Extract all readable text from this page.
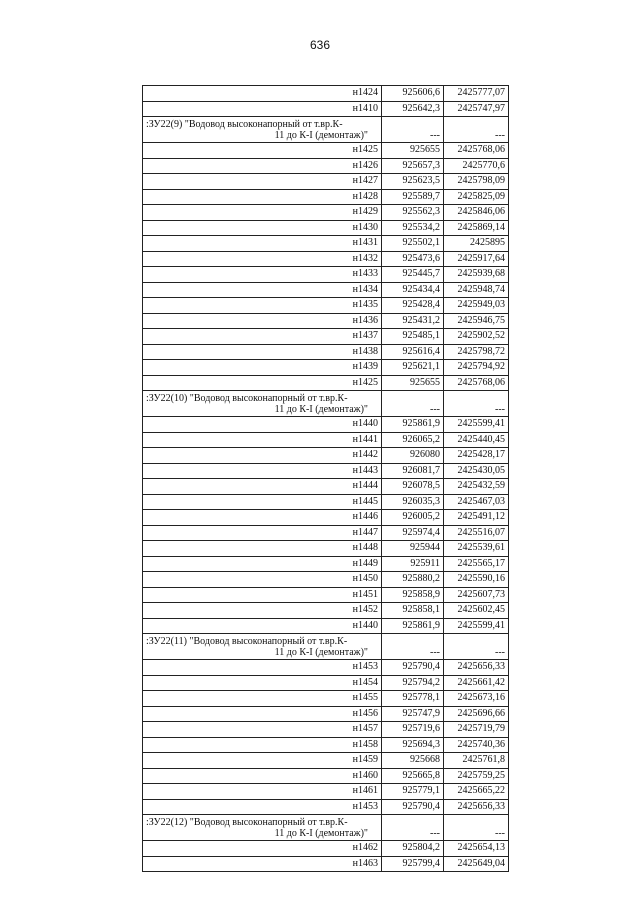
636
н1424	925606,6	2425777,07
н1410	925642,3	2425747,97
:ЗУ22(9) "Водовод высоконапорный от т.вр.К-

11 до К-I (демонтаж)"	---	---
н1425	925655	2425768,06
н1426	925657,3	2425770,6
н1427	925623,5	2425798,09
н1428	925589,7	2425825,09
н1429	925562,3	2425846,06
н1430	925534,2	2425869,14
н1431	925502,1	2425895
н1432	925473,6	2425917,64
н1433	925445,7	2425939,68
н1434	925434,4	2425948,74
н1435	925428,4	2425949,03
н1436	925431,2	2425946,75
н1437	925485,1	2425902,52
н1438	925616,4	2425798,72
н1439	925621,1	2425794,92
н1425	925655	2425768,06
:ЗУ22(10) "Водовод высоконапорный от т.вр.К-

11 до К-I (демонтаж)"	---	---
н1440	925861,9	2425599,41
н1441	926065,2	2425440,45
н1442	926080	2425428,17
н1443	926081,7	2425430,05
н1444	926078,5	2425432,59
н1445	926035,3	2425467,03
н1446	926005,2	2425491,12
н1447	925974,4	2425516,07
н1448	925944	2425539,61
н1449	925911	2425565,17
н1450	925880,2	2425590,16
н1451	925858,9	2425607,73
н1452	925858,1	2425602,45
н1440	925861,9	2425599,41
:ЗУ22(11) "Водовод высоконапорный от т.вр.К-

11 до К-I (демонтаж)"	---	---
н1453	925790,4	2425656,33
н1454	925794,2	2425661,42
н1455	925778,1	2425673,16
н1456	925747,9	2425696,66
н1457	925719,6	2425719,79
н1458	925694,3	2425740,36
н1459	925668	2425761,8
н1460	925665,8	2425759,25
н1461	925779,1	2425665,22
н1453	925790,4	2425656,33
:ЗУ22(12) "Водовод высоконапорный от т.вр.К-

11 до К-I (демонтаж)"	---	---
н1462	925804,2	2425654,13
н1463	925799,4	2425649,04
